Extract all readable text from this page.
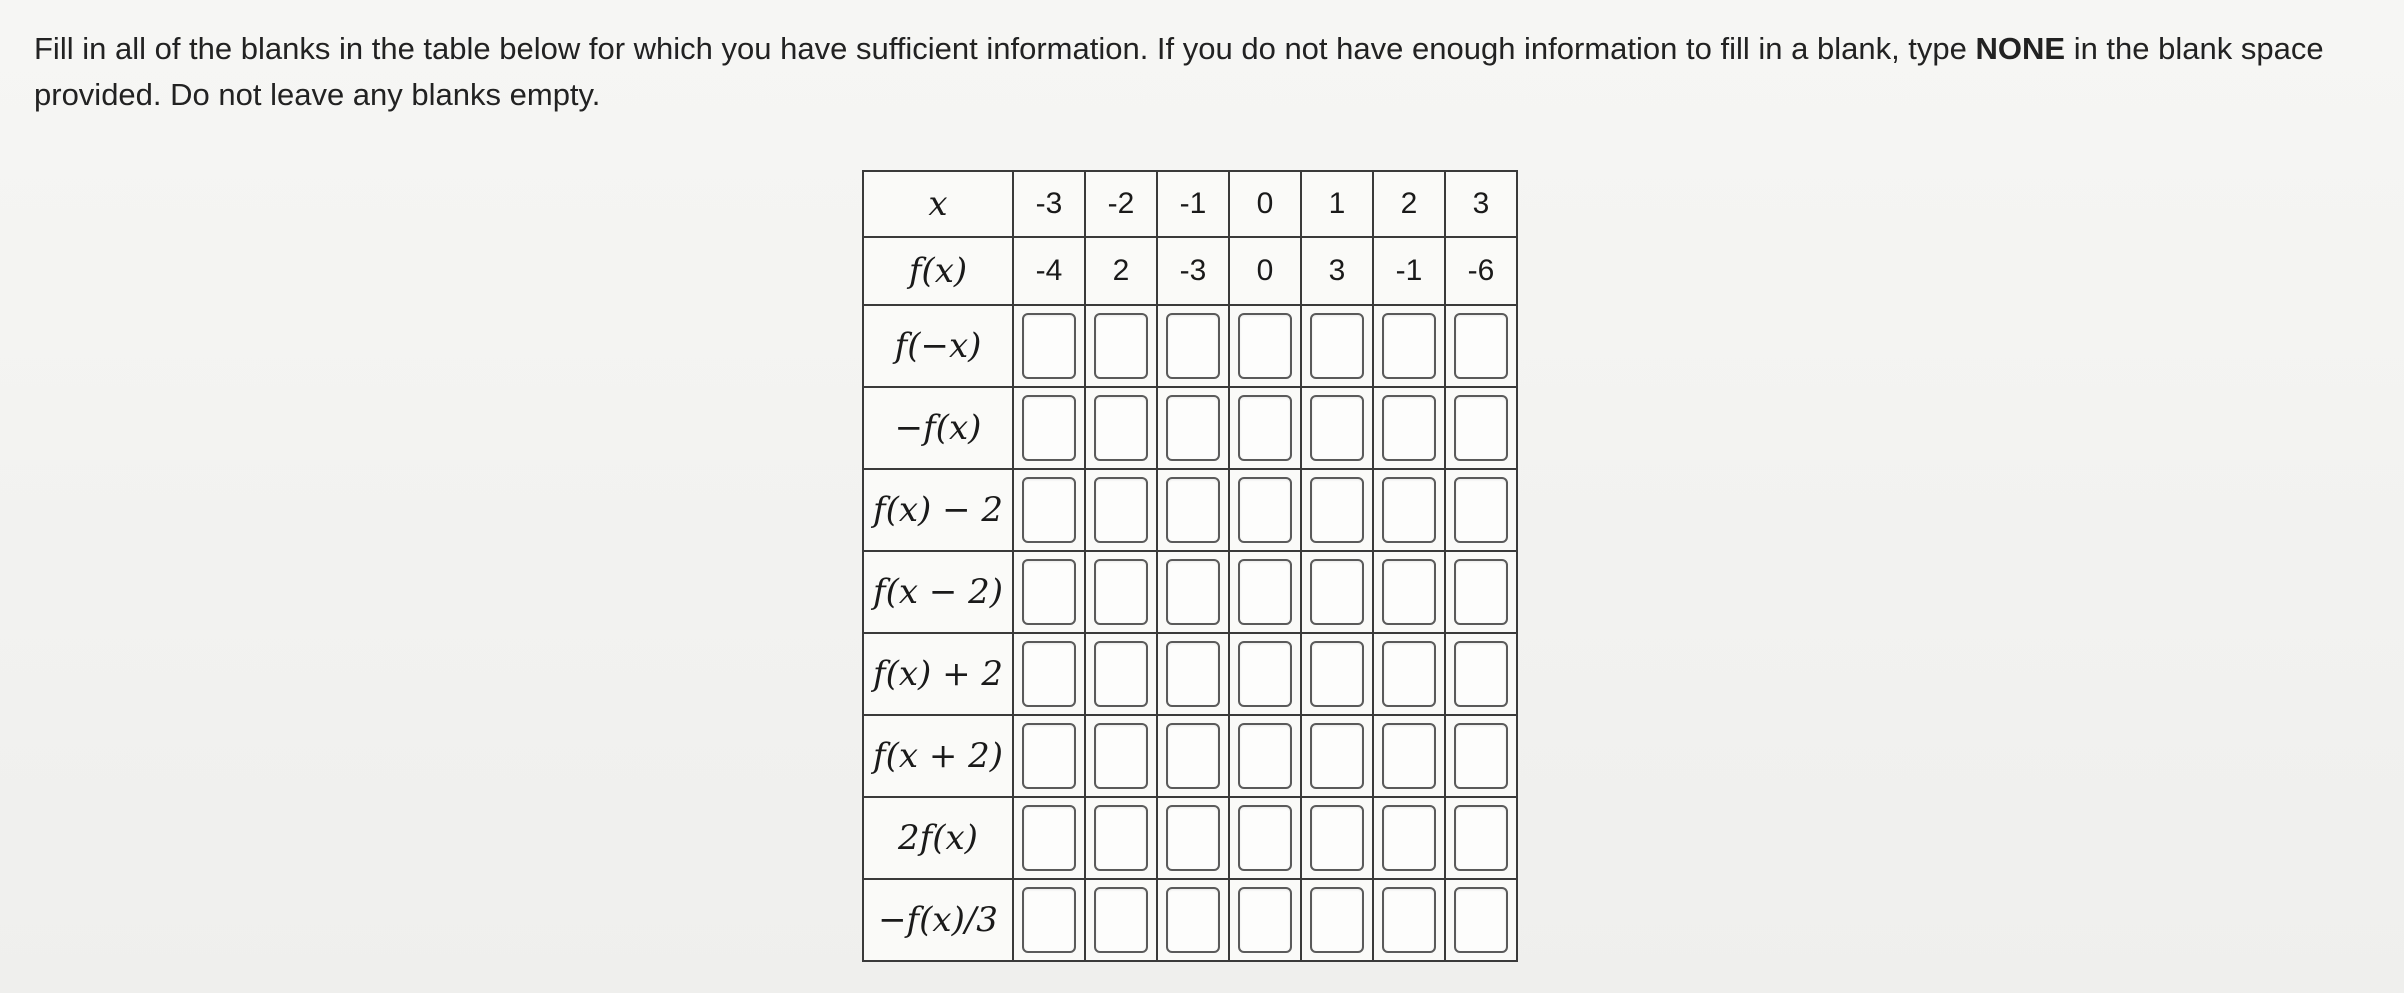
Fill in all of the blanks in the table below for which you have sufficient information. If you do not have enough information to fill in a blank, type NONE in the blank space provided. Do not leave any blanks empty.
x	-3	-2	-1	0	1	2	3
f(x)	-4	2	-3	0	3	-1	-6
f(−x)							
−f(x)							
f(x) − 2							
f(x − 2)							
f(x) + 2							
f(x + 2)							
2f(x)							
−f(x)/3							
